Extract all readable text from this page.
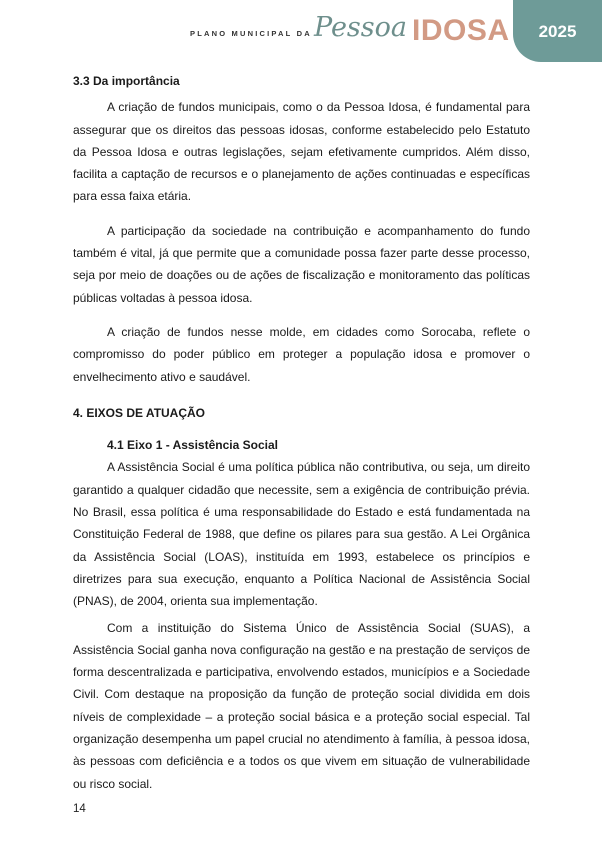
PLANO MUNICIPAL DA Pessoa IDOSA	2025
3.3 Da importância

A criação de fundos municipais, como o da Pessoa Idosa, é fundamental para assegurar que os direitos das pessoas idosas, conforme estabelecido pelo Estatuto da Pessoa Idosa e outras legislações, sejam efetivamente cumpridos. Além disso, facilita a captação de recursos e o planejamento de ações continuadas e específicas para essa faixa etária.

A participação da sociedade na contribuição e acompanhamento do fundo também é vital, já que permite que a comunidade possa fazer parte desse processo, seja por meio de doações ou de ações de fiscalização e monitoramento das políticas públicas voltadas à pessoa idosa.

A criação de fundos nesse molde, em cidades como Sorocaba, reflete o compromisso do poder público em proteger a população idosa e promover o envelhecimento ativo e saudável.

4. EIXOS DE ATUAÇÃO
4.1 Eixo 1 - Assistência Social

A Assistência Social é uma política pública não contributiva, ou seja, um direito garantido a qualquer cidadão que necessite, sem a exigência de contribuição prévia. No Brasil, essa política é uma responsabilidade do Estado e está fundamentada na Constituição Federal de 1988, que define os pilares para sua gestão. A Lei Orgânica da Assistência Social (LOAS), instituída em 1993, estabelece os princípios e diretrizes para sua execução, enquanto a Política Nacional de Assistência Social (PNAS), de 2004, orienta sua implementação.

Com a instituição do Sistema Único de Assistência Social (SUAS), a Assistência Social ganha nova configuração na gestão e na prestação de serviços de forma descentralizada e participativa, envolvendo estados, municípios e a Sociedade Civil. Com destaque na proposição da função de proteção social dividida em dois níveis de complexidade – a proteção social básica e a proteção social especial. Tal organização desempenha um papel crucial no atendimento à família, à pessoa idosa, às pessoas com deficiência e a todos os que vivem em situação de vulnerabilidade ou risco social.

14
